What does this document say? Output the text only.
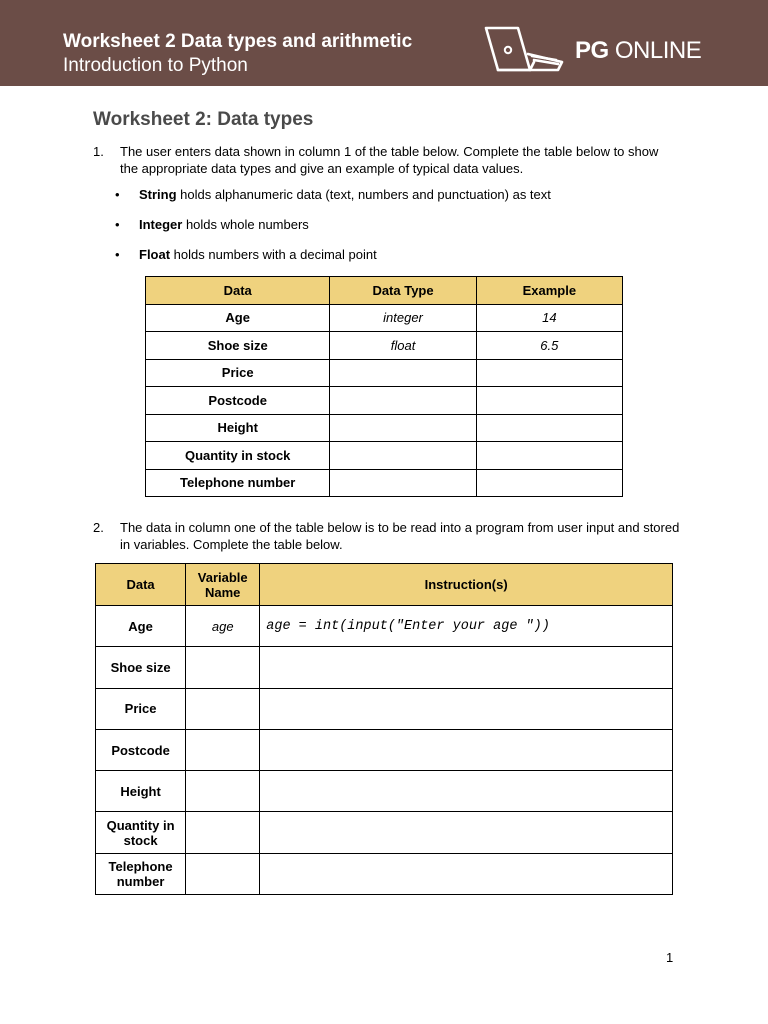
Worksheet 2 Data types and arithmetic
Introduction to Python
PG ONLINE
Worksheet 2: Data types
1. The user enters data shown in column 1 of the table below. Complete the table below to show the appropriate data types and give an example of typical data values.
• String holds alphanumeric data (text, numbers and punctuation) as text
• Integer holds whole numbers
• Float holds numbers with a decimal point
Data	Data Type	Example
Age	integer	14
Shoe size	float	6.5
Price		
Postcode		
Height		
Quantity in stock		
Telephone number		
2. The data in column one of the table below is to be read into a program from user input and stored in variables. Complete the table below.
Data	Variable Name	Instruction(s)
Age	age	age = int(input("Enter your age "))
Shoe size		
Price		
Postcode		
Height		
Quantity in stock		
Telephone number		
1
